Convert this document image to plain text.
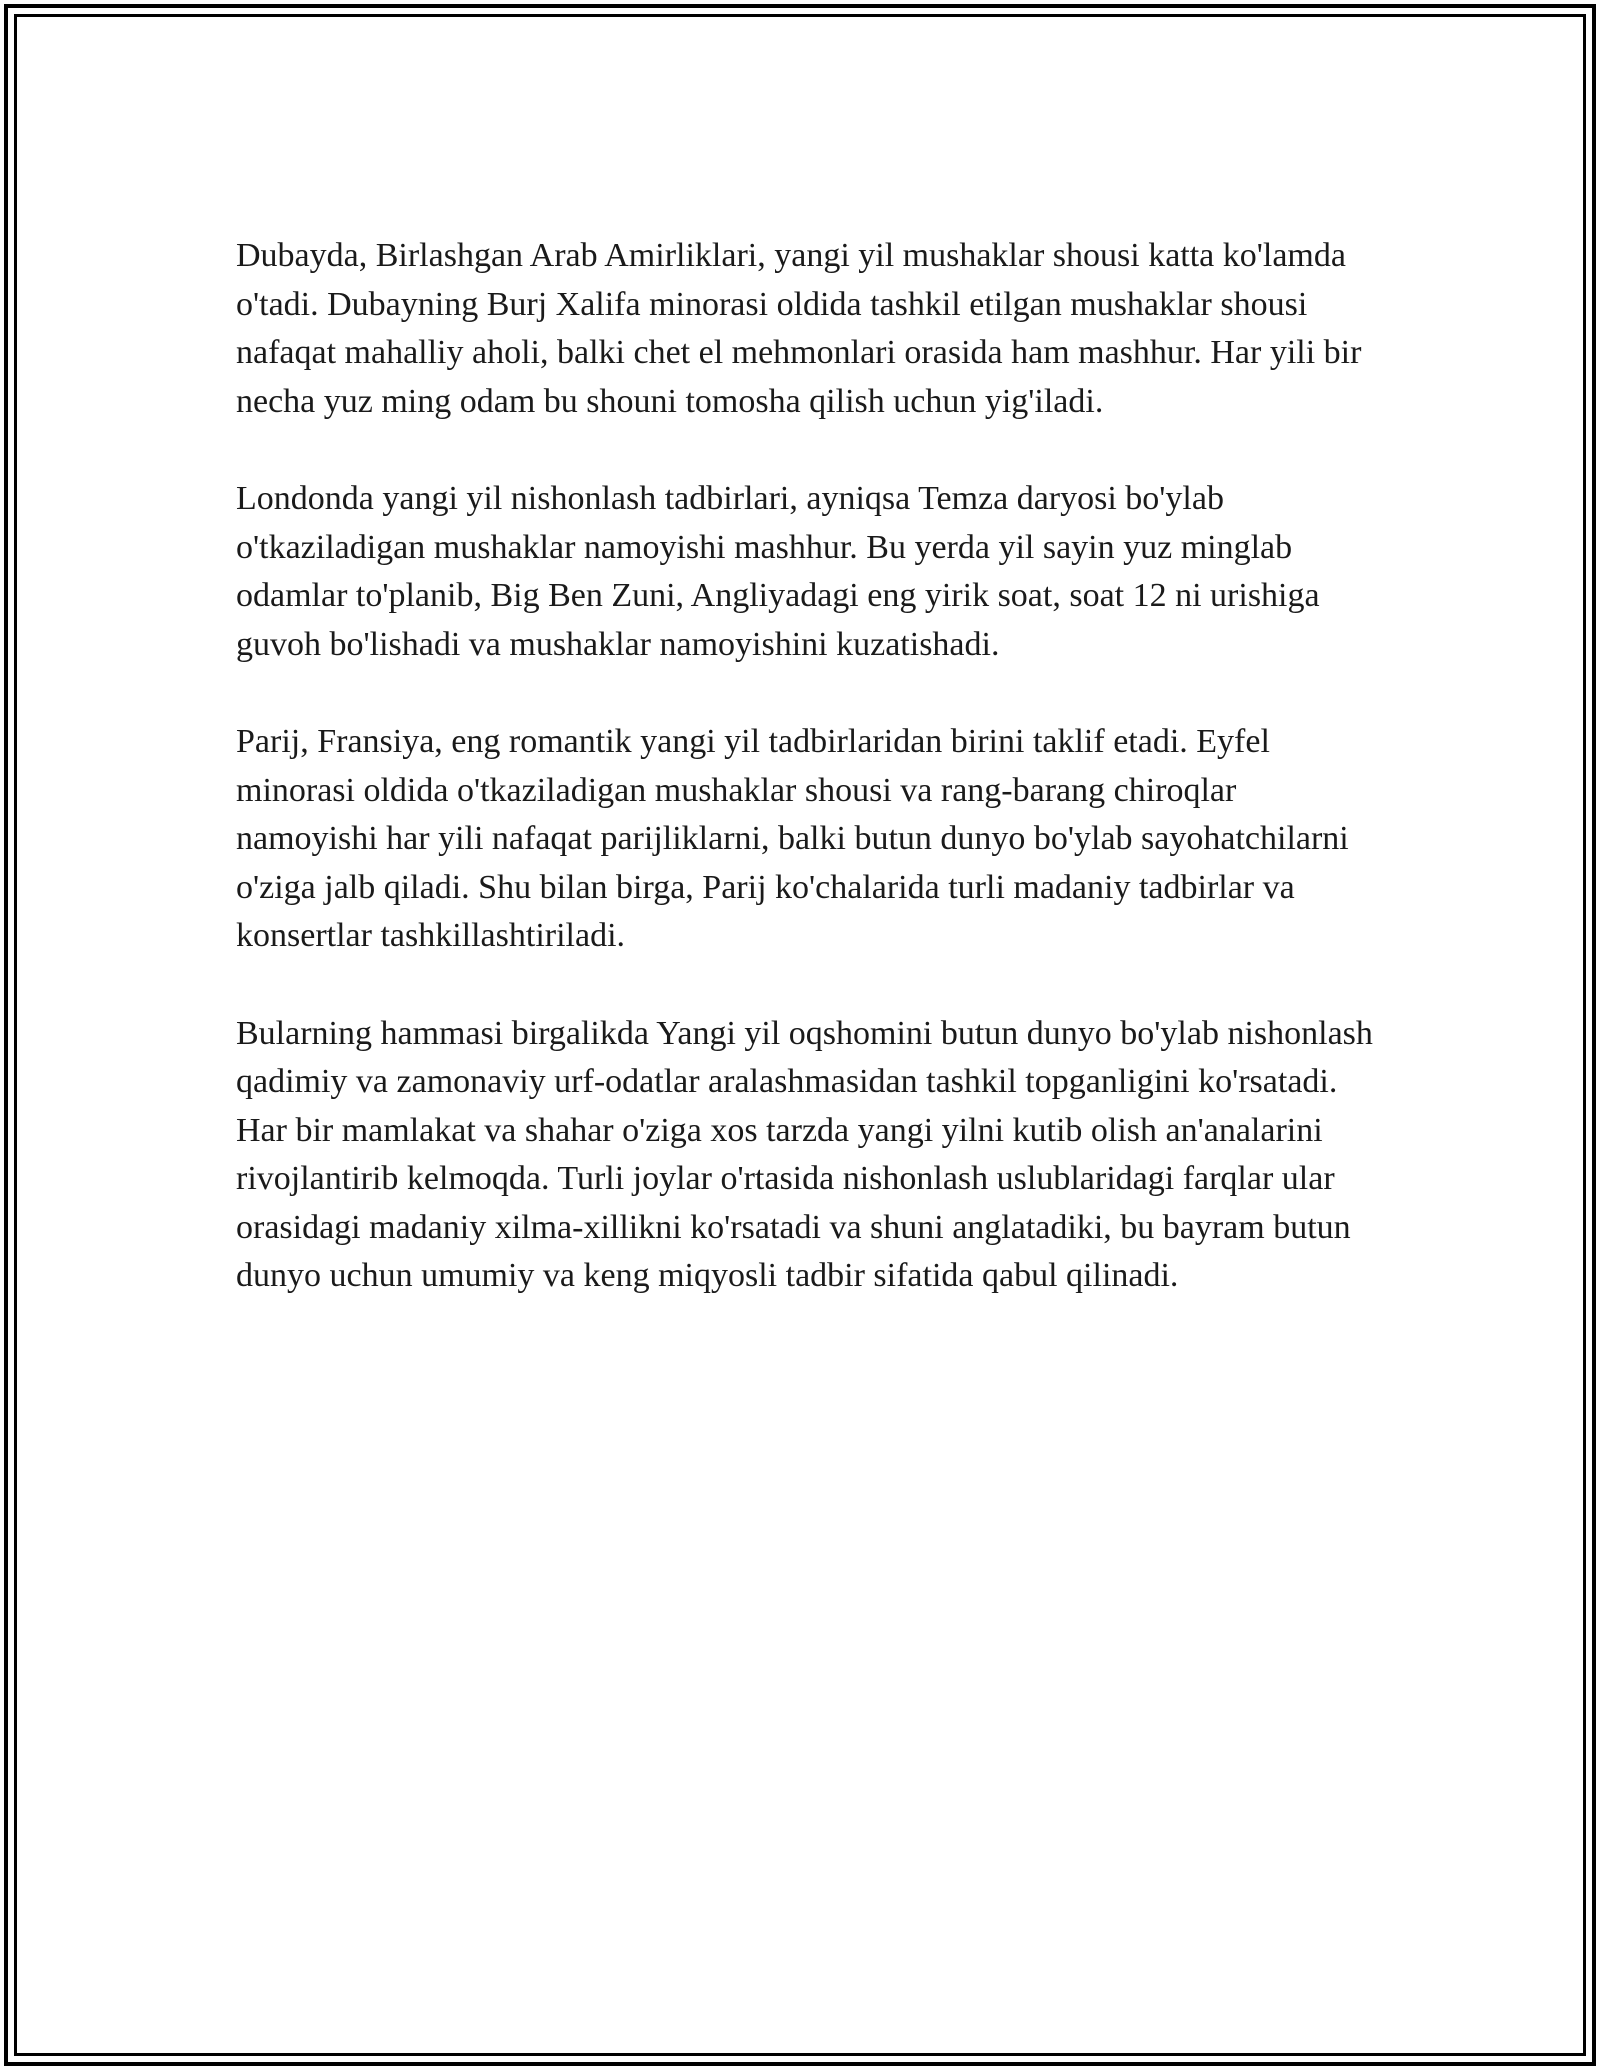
Dubayda, Birlashgan Arab Amirliklari, yangi yil mushaklar shousi katta ko'lamda o'tadi. Dubayning Burj Xalifa minorasi oldida tashkil etilgan mushaklar shousi nafaqat mahalliy aholi, balki chet el mehmonlari orasida ham mashhur. Har yili bir necha yuz ming odam bu shouni tomosha qilish uchun yig'iladi.

Londonda yangi yil nishonlash tadbirlari, ayniqsa Temza daryosi bo'ylab o'tkaziladigan mushaklar namoyishi mashhur. Bu yerda yil sayin yuz minglab odamlar to'planib, Big Ben Zuni, Angliyadagi eng yirik soat, soat 12 ni urishiga guvoh bo'lishadi va mushaklar namoyishini kuzatishadi.

Parij, Fransiya, eng romantik yangi yil tadbirlaridan birini taklif etadi. Eyfel minorasi oldida o'tkaziladigan mushaklar shousi va rang-barang chiroqlar namoyishi har yili nafaqat parijliklarni, balki butun dunyo bo'ylab sayohatchilarni o'ziga jalb qiladi. Shu bilan birga, Parij ko'chalarida turli madaniy tadbirlar va konsertlar tashkillashtiriladi.

Bularning hammasi birgalikda Yangi yil oqshomini butun dunyo bo'ylab nishonlash qadimiy va zamonaviy urf-odatlar aralashmasidan tashkil topganligini ko'rsatadi. Har bir mamlakat va shahar o'ziga xos tarzda yangi yilni kutib olish an'analarini rivojlantirib kelmoqda. Turli joylar o'rtasida nishonlash uslublaridagi farqlar ular orasidagi madaniy xilma-xillikni ko'rsatadi va shuni anglatadiki, bu bayram butun dunyo uchun umumiy va keng miqyosli tadbir sifatida qabul qilinadi.
